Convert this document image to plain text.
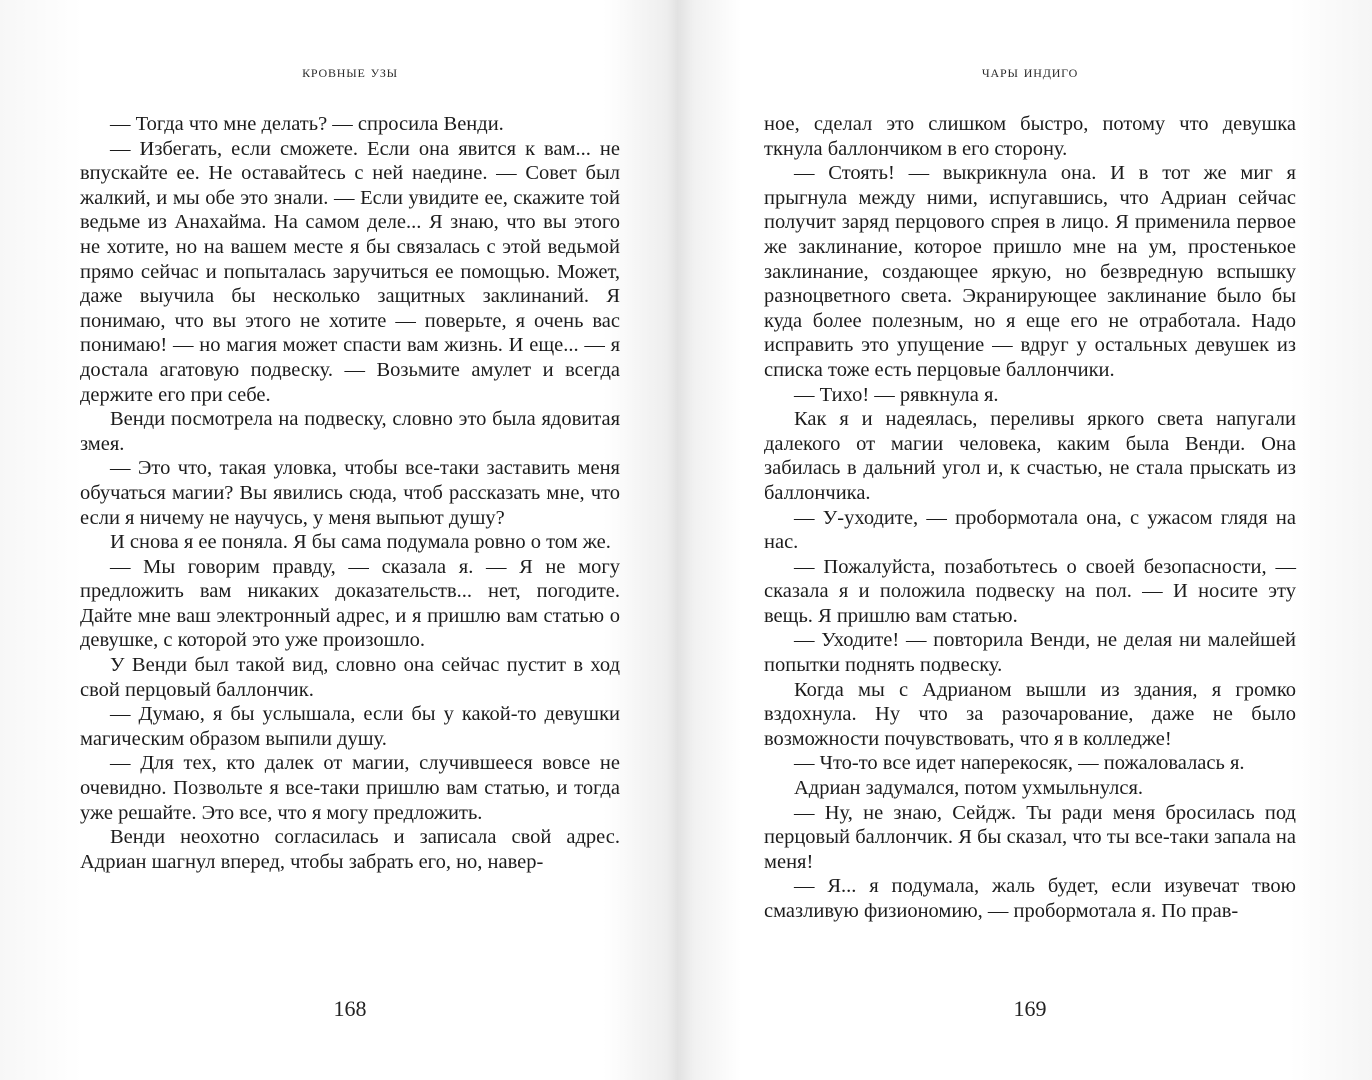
кровные узы

— Тогда что мне делать? — спросила Венди.

— Избегать, если сможете. Если она явится к вам... не впускайте ее. Не оставайтесь с ней наедине. — Совет был жалкий, и мы обе это знали. — Если увидите ее, скажите той ведьме из Анахайма. На самом деле... Я знаю, что вы этого не хотите, но на вашем месте я бы связалась с этой ведьмой прямо сейчас и попыталась заручиться ее помощью. Может, даже выучила бы несколько защитных заклинаний. Я понимаю, что вы этого не хотите — поверьте, я очень вас понимаю! — но магия может спасти вам жизнь. И еще... — я достала агатовую подвеску. — Возьмите амулет и всегда держите его при себе.

Венди посмотрела на подвеску, словно это была ядовитая змея.

— Это что, такая уловка, чтобы все-таки заставить меня обучаться магии? Вы явились сюда, чтоб рассказать мне, что если я ничему не научусь, у меня выпьют душу?

И снова я ее поняла. Я бы сама подумала ровно о том же.

— Мы говорим правду, — сказала я. — Я не могу предложить вам никаких доказательств... нет, погодите. Дайте мне ваш электронный адрес, и я пришлю вам статью о девушке, с которой это уже произошло.

У Венди был такой вид, словно она сейчас пустит в ход свой перцовый баллончик.

— Думаю, я бы услышала, если бы у какой-то девушки магическим образом выпили душу.

— Для тех, кто далек от магии, случившееся вовсе не очевидно. Позвольте я все-таки пришлю вам статью, и тогда уже решайте. Это все, что я могу предложить.

Венди неохотно согласилась и записала свой адрес. Адриан шагнул вперед, чтобы забрать его, но, навер-

168
чары индиго

ное, сделал это слишком быстро, потому что девушка ткнула баллончиком в его сторону.

— Стоять! — выкрикнула она. И в тот же миг я прыгнула между ними, испугавшись, что Адриан сейчас получит заряд перцового спрея в лицо. Я применила первое же заклинание, которое пришло мне на ум, простенькое заклинание, создающее яркую, но безвредную вспышку разноцветного света. Экранирующее заклинание было бы куда более полезным, но я еще его не отработала. Надо исправить это упущение — вдруг у остальных девушек из списка тоже есть перцовые баллончики.

— Тихо! — рявкнула я.

Как я и надеялась, переливы яркого света напугали далекого от магии человека, каким была Венди. Она забилась в дальний угол и, к счастью, не стала прыскать из баллончика.

— У-уходите, — пробормотала она, с ужасом глядя на нас.

— Пожалуйста, позаботьтесь о своей безопасности, — сказала я и положила подвеску на пол. — И носите эту вещь. Я пришлю вам статью.

— Уходите! — повторила Венди, не делая ни малейшей попытки поднять подвеску.

Когда мы с Адрианом вышли из здания, я громко вздохнула. Ну что за разочарование, даже не было возможности почувствовать, что я в колледже!

— Что-то все идет наперекосяк, — пожаловалась я.

Адриан задумался, потом ухмыльнулся.

— Ну, не знаю, Сейдж. Ты ради меня бросилась под перцовый баллончик. Я бы сказал, что ты все-таки запала на меня!

— Я... я подумала, жаль будет, если изувечат твою смазливую физиономию, — пробормотала я. По прав-

169
